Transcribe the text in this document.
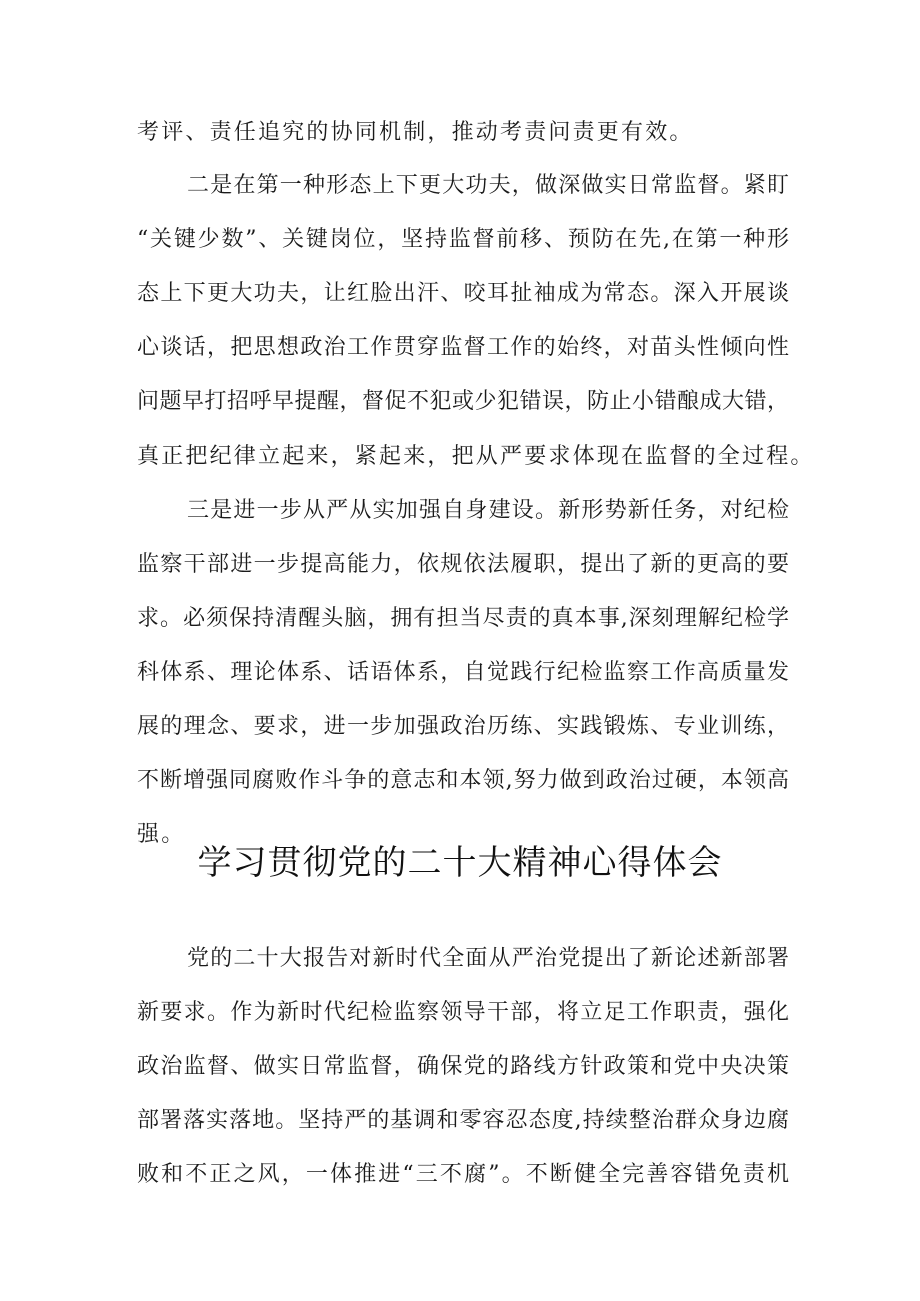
考评、责任追究的协同机制，推动考责问责更有效。
二是在第一种形态上下更大功夫，做深做实日常监督。紧盯
“关键少数”、关键岗位，坚持监督前移、预防在先,在第一种形
态上下更大功夫，让红脸出汗、咬耳扯袖成为常态。深入开展谈
心谈话，把思想政治工作贯穿监督工作的始终，对苗头性倾向性
问题早打招呼早提醒，督促不犯或少犯错误，防止小错酿成大错，
真正把纪律立起来，紧起来，把从严要求体现在监督的全过程。
三是进一步从严从实加强自身建设。新形势新任务，对纪检
监察干部进一步提高能力，依规依法履职，提出了新的更高的要
求。必须保持清醒头脑，拥有担当尽责的真本事,深刻理解纪检学
科体系、理论体系、话语体系，自觉践行纪检监察工作高质量发
展的理念、要求，进一步加强政治历练、实践锻炼、专业训练，
不断增强同腐败作斗争的意志和本领,努力做到政治过硬，本领高
强。
学习贯彻党的二十大精神心得体会
党的二十大报告对新时代全面从严治党提出了新论述新部署
新要求。作为新时代纪检监察领导干部，将立足工作职责，强化
政治监督、做实日常监督，确保党的路线方针政策和党中央决策
部署落实落地。坚持严的基调和零容忍态度,持续整治群众身边腐
败和不正之风，一体推进“三不腐”。不断健全完善容错免责机
